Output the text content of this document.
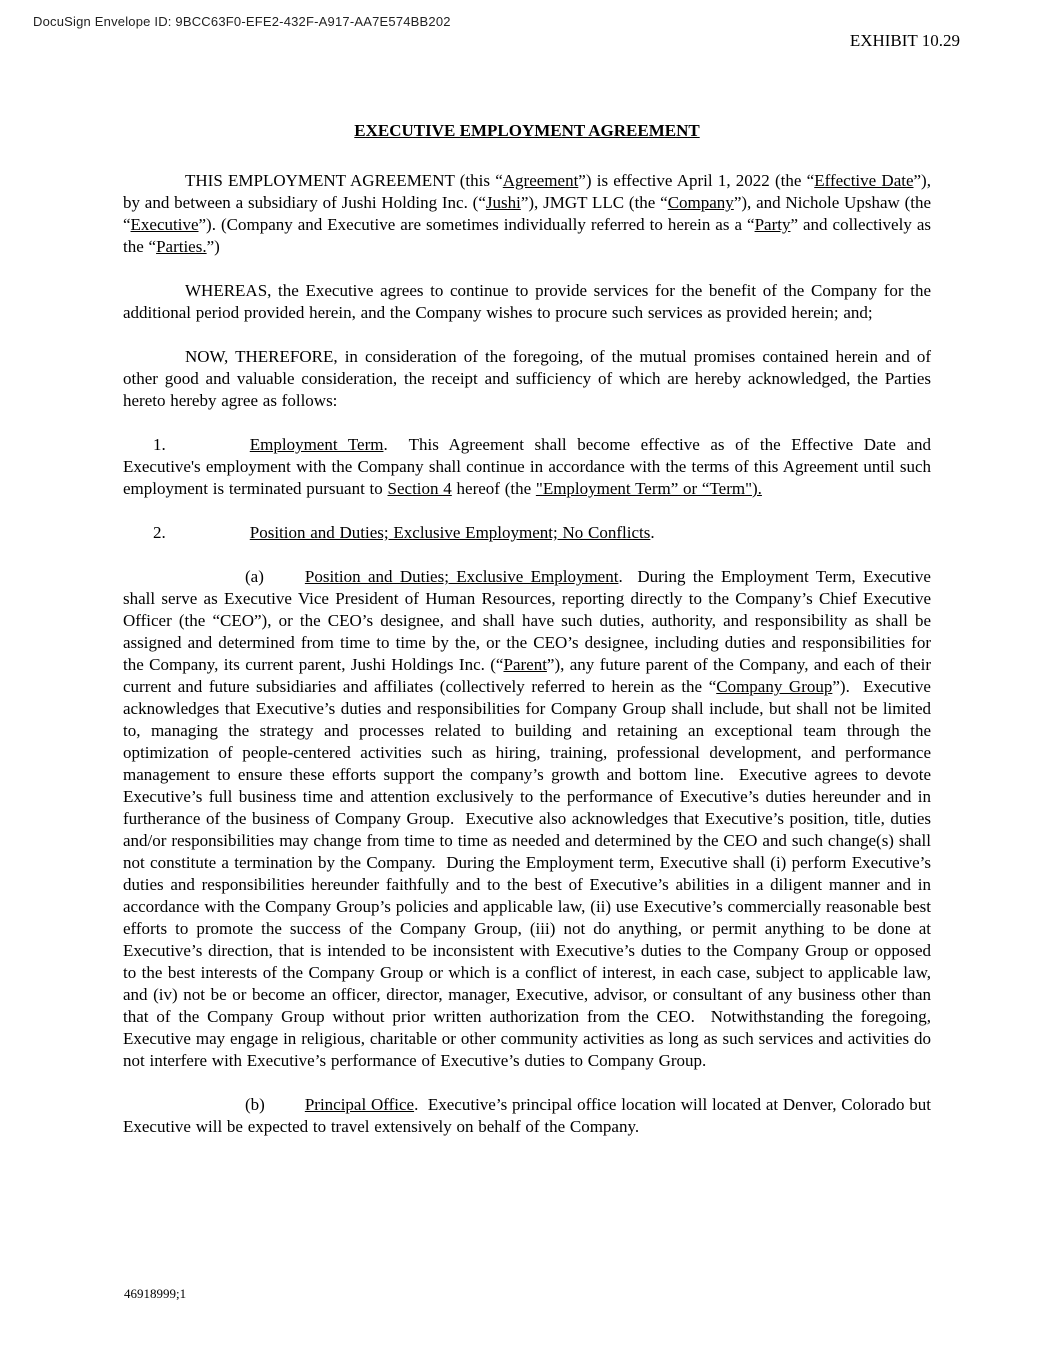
DocuSign Envelope ID: 9BCC63F0-EFE2-432F-A917-AA7E574BB202
EXHIBIT 10.29
EXECUTIVE EMPLOYMENT AGREEMENT

THIS EMPLOYMENT AGREEMENT (this “Agreement”) is effective April 1, 2022 (the “Effective Date”), by and between a subsidiary of Jushi Holding Inc. (“Jushi”), JMGT LLC (the “Company”), and Nichole Upshaw (the “Executive”). (Company and Executive are sometimes individually referred to herein as a “Party” and collectively as the “Parties.”)

WHEREAS, the Executive agrees to continue to provide services for the benefit of the Company for the additional period provided herein, and the Company wishes to procure such services as provided herein; and;

NOW, THEREFORE, in consideration of the foregoing, of the mutual promises contained herein and of other good and valuable consideration, the receipt and sufficiency of which are hereby acknowledged, the Parties hereto hereby agree as follows:

1.	Employment Term.  This Agreement shall become effective as of the Effective Date and Executive's employment with the Company shall continue in accordance with the terms of this Agreement until such employment is terminated pursuant to Section 4 hereof (the "Employment Term” or “Term").

2.	Position and Duties; Exclusive Employment; No Conflicts.

(a) Position and Duties; Exclusive Employment.  During the Employment Term, Executive shall serve as Executive Vice President of Human Resources, reporting directly to the Company’s Chief Executive Officer (the “CEO”), or the CEO’s designee, and shall have such duties, authority, and responsibility as shall be assigned and determined from time to time by the, or the CEO’s designee, including duties and responsibilities for the Company, its current parent, Jushi Holdings Inc. (“Parent”), any future parent of the Company, and each of their current and future subsidiaries and affiliates (collectively referred to herein as the “Company Group”).  Executive acknowledges that Executive’s duties and responsibilities for Company Group shall include, but shall not be limited to, managing the strategy and processes related to building and retaining an exceptional team through the optimization of people-centered activities such as hiring, training, professional development, and performance management to ensure these efforts support the company’s growth and bottom line.  Executive agrees to devote Executive’s full business time and attention exclusively to the performance of Executive’s duties hereunder and in furtherance of the business of Company Group.  Executive also acknowledges that Executive’s position, title, duties and/or responsibilities may change from time to time as needed and determined by the CEO and such change(s) shall not constitute a termination by the Company.  During the Employment term, Executive shall (i) perform Executive’s duties and responsibilities hereunder faithfully and to the best of Executive’s abilities in a diligent manner and in accordance with the Company Group’s policies and applicable law, (ii) use Executive’s commercially reasonable best efforts to promote the success of the Company Group, (iii) not do anything, or permit anything to be done at Executive’s direction, that is intended to be inconsistent with Executive’s duties to the Company Group or opposed to the best interests of the Company Group or which is a conflict of interest, in each case, subject to applicable law, and (iv) not be or become an officer, director, manager, Executive, advisor, or consultant of any business other than that of the Company Group without prior written authorization from the CEO.  Notwithstanding the foregoing, Executive may engage in religious, charitable or other community activities as long as such services and activities do not interfere with Executive’s performance of Executive’s duties to Company Group.

(b) Principal Office.  Executive’s principal office location will located at Denver, Colorado but Executive will be expected to travel extensively on behalf of the Company.

46918999;1
